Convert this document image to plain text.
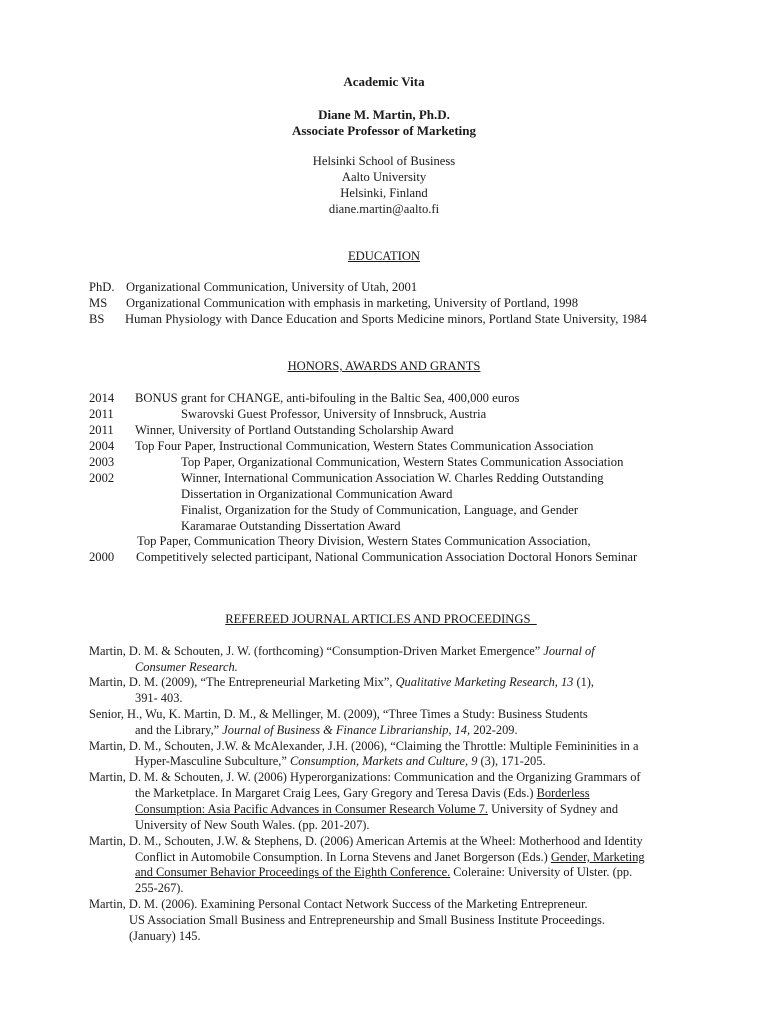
Academic Vita
Diane M. Martin, Ph.D.
Associate Professor of Marketing
Helsinki School of Business
Aalto University
Helsinki, Finland
diane.martin@aalto.fi
EDUCATION
PhD. Organizational Communication, University of Utah, 2001
MS Organizational Communication with emphasis in marketing, University of Portland, 1998
BS Human Physiology with Dance Education and Sports Medicine minors, Portland State University, 1984
HONORS, AWARDS AND GRANTS
2014 BONUS grant for CHANGE, anti-bifouling in the Baltic Sea, 400,000 euros
2011	Swarovski Guest Professor, University of Innsbruck, Austria
2011 Winner, University of Portland Outstanding Scholarship Award
2004 Top Four Paper, Instructional Communication, Western States Communication Association
2003	Top Paper, Organizational Communication, Western States Communication Association
2002	Winner, International Communication Association W. Charles Redding Outstanding
Dissertation in Organizational Communication Award
Finalist, Organization for the Study of Communication, Language, and Gender
Karamarae Outstanding Dissertation Award
Top Paper, Communication Theory Division, Western States Communication Association,
2000 Competitively selected participant, National Communication Association Doctoral Honors Seminar
REFEREED JOURNAL ARTICLES AND PROCEEDINGS
Martin, D. M. & Schouten, J. W. (forthcoming) “Consumption-Driven Market Emergence” Journal of
Consumer Research.
Martin, D. M. (2009), “The Entrepreneurial Marketing Mix”, Qualitative Marketing Research, 13 (1),
391- 403.
Senior, H., Wu, K. Martin, D. M., & Mellinger, M. (2009), “Three Times a Study: Business Students
and the Library,” Journal of Business & Finance Librarianship, 14, 202-209.
Martin, D. M., Schouten, J.W. & McAlexander, J.H. (2006), “Claiming the Throttle: Multiple Femininities in a
Hyper-Masculine Subculture,” Consumption, Markets and Culture, 9 (3), 171-205.
Martin, D. M. & Schouten, J. W. (2006) Hyperorganizations: Communication and the Organizing Grammars of
the Marketplace. In Margaret Craig Lees, Gary Gregory and Teresa Davis (Eds.) Borderless
Consumption: Asia Pacific Advances in Consumer Research Volume 7. University of Sydney and
University of New South Wales. (pp. 201-207).
Martin, D. M., Schouten, J.W. & Stephens, D. (2006) American Artemis at the Wheel: Motherhood and Identity
Conflict in Automobile Consumption. In Lorna Stevens and Janet Borgerson (Eds.) Gender, Marketing
and Consumer Behavior Proceedings of the Eighth Conference. Coleraine: University of Ulster. (pp.
255-267).
Martin, D. M. (2006). Examining Personal Contact Network Success of the Marketing Entrepreneur.
US Association Small Business and Entrepreneurship and Small Business Institute Proceedings.
(January) 145.
